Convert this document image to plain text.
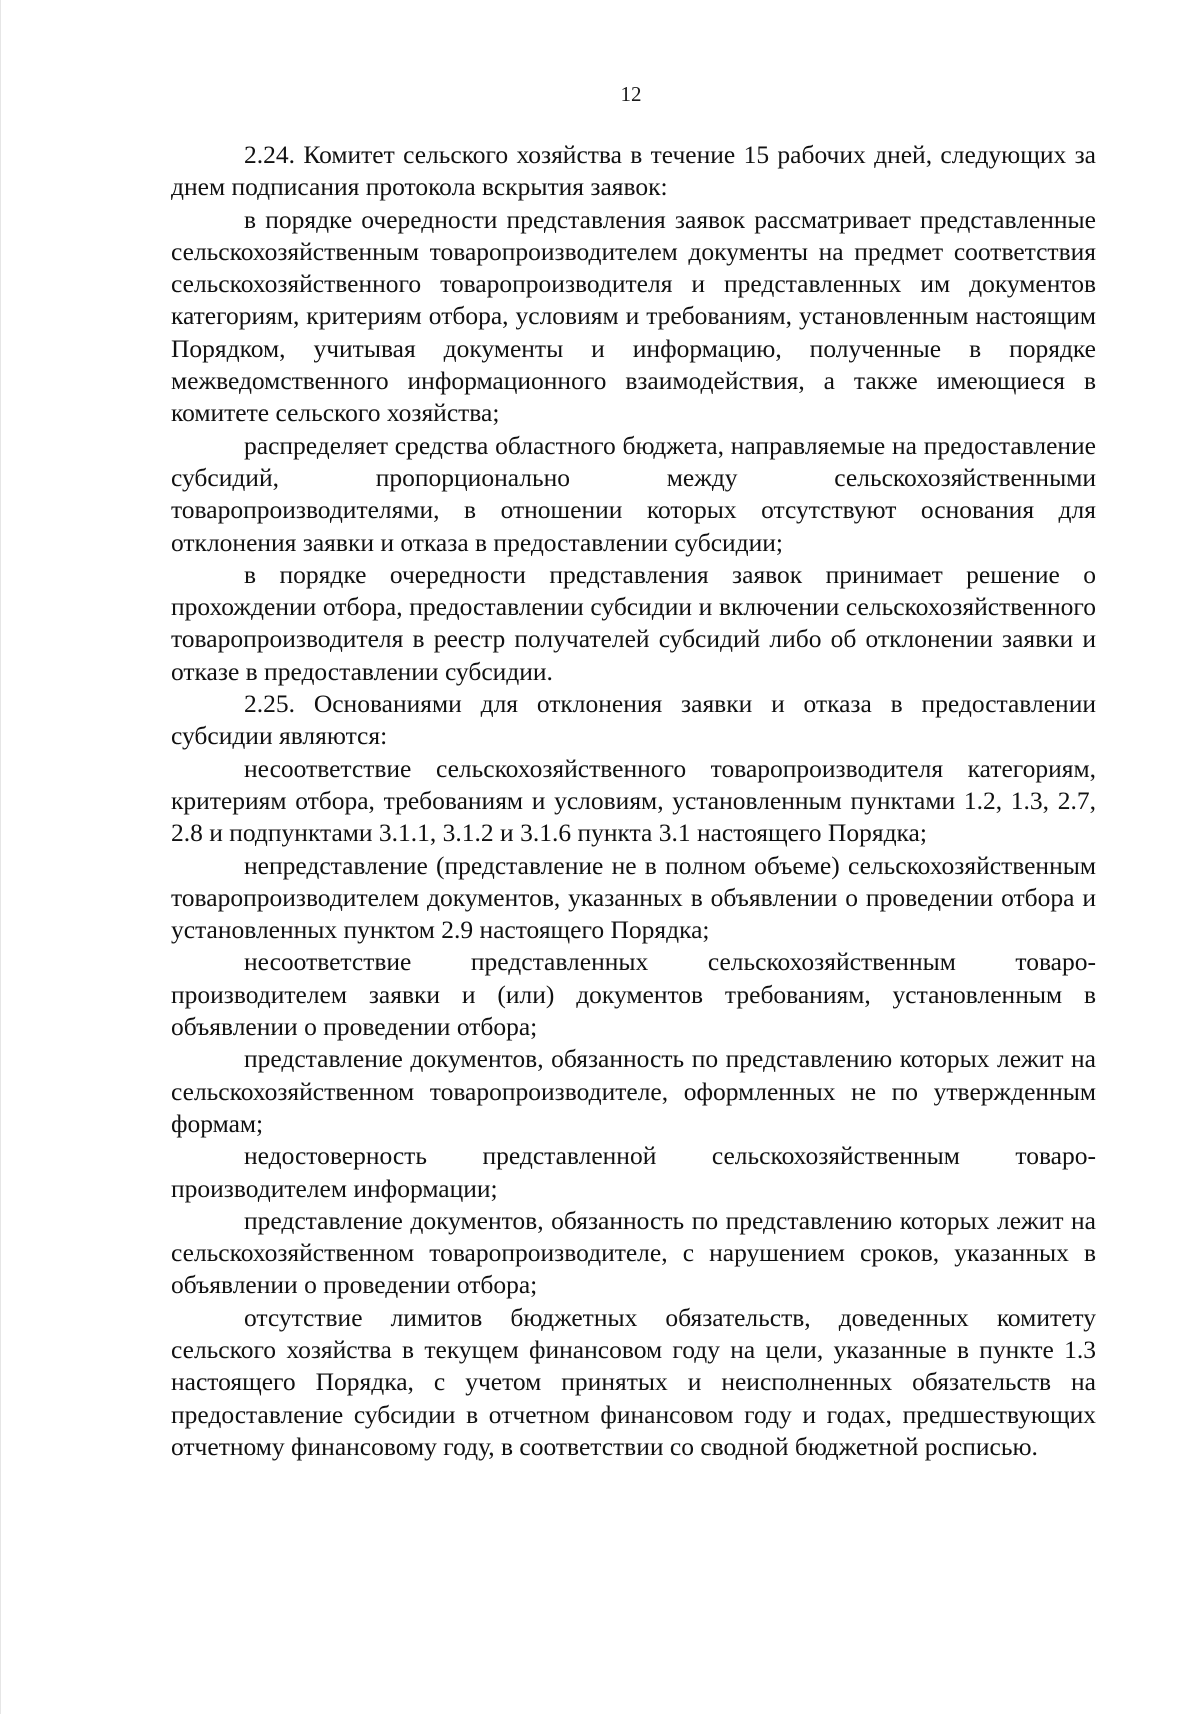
12

2.24. Комитет сельского хозяйства в течение 15 рабочих дней, следующих за днем подписания протокола вскрытия заявок:

в порядке очередности представления заявок рассматривает представленные сельскохозяйственным товаропроизводителем документы на предмет соответствия сельскохозяйственного товаропроизводителя и представленных им документов категориям, критериям отбора, условиям и требованиям, установленным настоящим Порядком, учитывая документы и информацию, полученные в порядке межведомственного информационного взаимодействия, а также имеющиеся в комитете сельского хозяйства;

распределяет средства областного бюджета, направляемые на предоставление субсидий, пропорционально между сельскохозяйственными товаропроизводителями, в отношении которых отсутствуют основания для отклонения заявки и отказа в предоставлении субсидии;

в порядке очередности представления заявок принимает решение о прохождении отбора, предоставлении субсидии и включении сельскохозяйственного товаропроизводителя в реестр получателей субсидий либо об отклонении заявки и отказе в предоставлении субсидии.

2.25. Основаниями для отклонения заявки и отказа в предоставлении субсидии являются:

несоответствие сельскохозяйственного товаропроизводителя категориям, критериям отбора, требованиям и условиям, установленным пунктами 1.2, 1.3, 2.7, 2.8 и подпунктами 3.1.1, 3.1.2 и 3.1.6 пункта 3.1 настоящего Порядка;

непредставление (представление не в полном объеме) сельскохозяйственным товаропроизводителем документов, указанных в объявлении о проведении отбора и установленных пунктом 2.9 настоящего Порядка;

несоответствие представленных сельскохозяйственным товаропроизводителем заявки и (или) документов требованиям, установленным в объявлении о проведении отбора;

представление документов, обязанность по представлению которых лежит на сельскохозяйственном товаропроизводителе, оформленных не по утвержденным формам;

недостоверность представленной сельскохозяйственным товаропроизводителем информации;

представление документов, обязанность по представлению которых лежит на сельскохозяйственном товаропроизводителе, с нарушением сроков, указанных в объявлении о проведении отбора;

отсутствие лимитов бюджетных обязательств, доведенных комитету сельского хозяйства в текущем финансовом году на цели, указанные в пункте 1.3 настоящего Порядка, с учетом принятых и неисполненных обязательств на предоставление субсидии в отчетном финансовом году и годах, предшествующих отчетному финансовому году, в соответствии со сводной бюджетной росписью.
